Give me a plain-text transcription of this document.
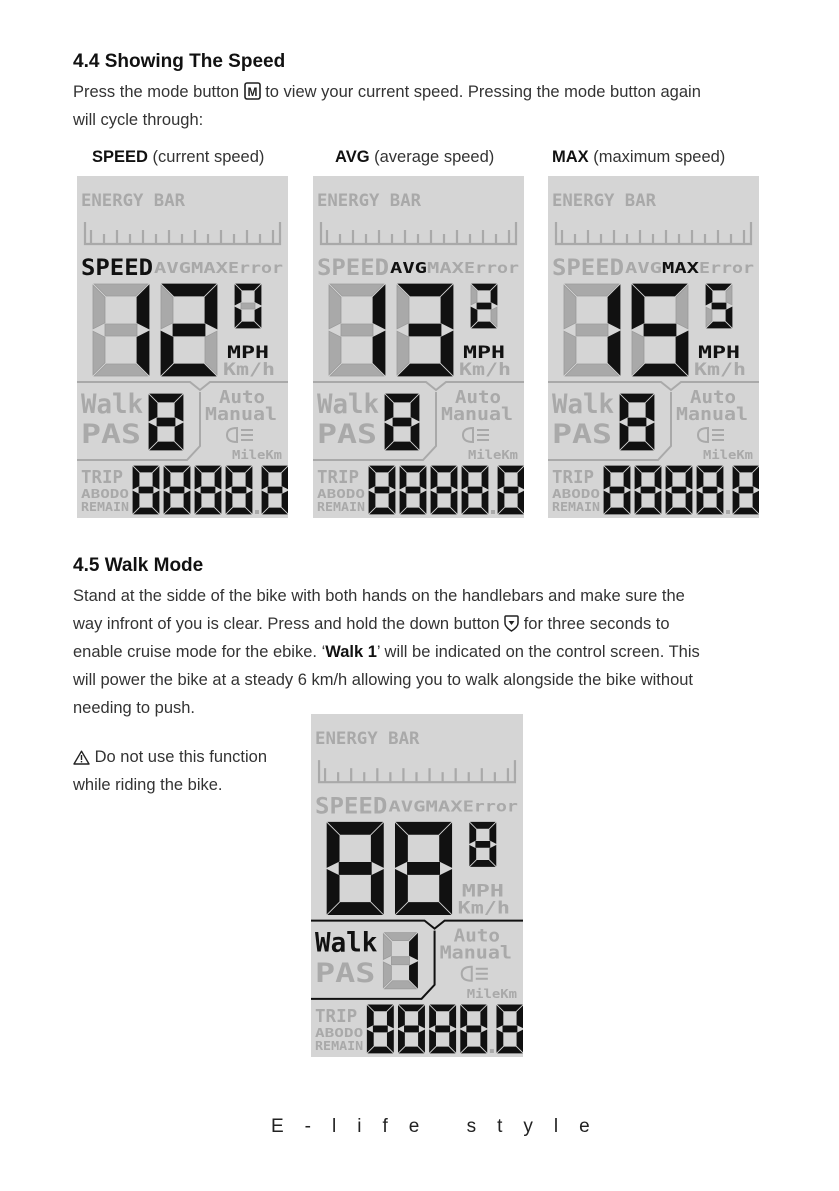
4.4 Showing The Speed

Press the mode button M to view your current speed. Pressing the mode button again

will cycle through:

SPEED (current speed)	AVG (average speed)	MAX (maximum speed)
ENERGY BAR
SPEED AVG MAX Error
MPH
Km/h
Walk
PAS
Auto
Manual
MileKm
TRIP
ABODO
REMAIN
ENERGY BAR
SPEED AVG MAX Error
MPH
Km/h
Walk
PAS
Auto
Manual
MileKm
TRIP
ABODO
REMAIN
ENERGY BAR
SPEED AVG MAX Error
MPH
Km/h
Walk
PAS
Auto
Manual
MileKm
TRIP
ABODO
REMAIN
4.5 Walk Mode

Stand at the sidde of the bike with both hands on the handlebars and make sure the

way infront of you is clear. Press and hold the down button for three seconds to

enable cruise mode for the ebike. ‘Walk 1’ will be indicated on the control screen. This

will power the bike at a steady 6 km/h allowing you to walk alongside the bike without

needing to push.

Do not use this function

while riding the bike.

ENERGY BAR
SPEED AVG MAX Error
MPH
Km/h
Walk
PAS
Auto
Manual
MileKm
TRIP
ABODO
REMAIN
E-life style
